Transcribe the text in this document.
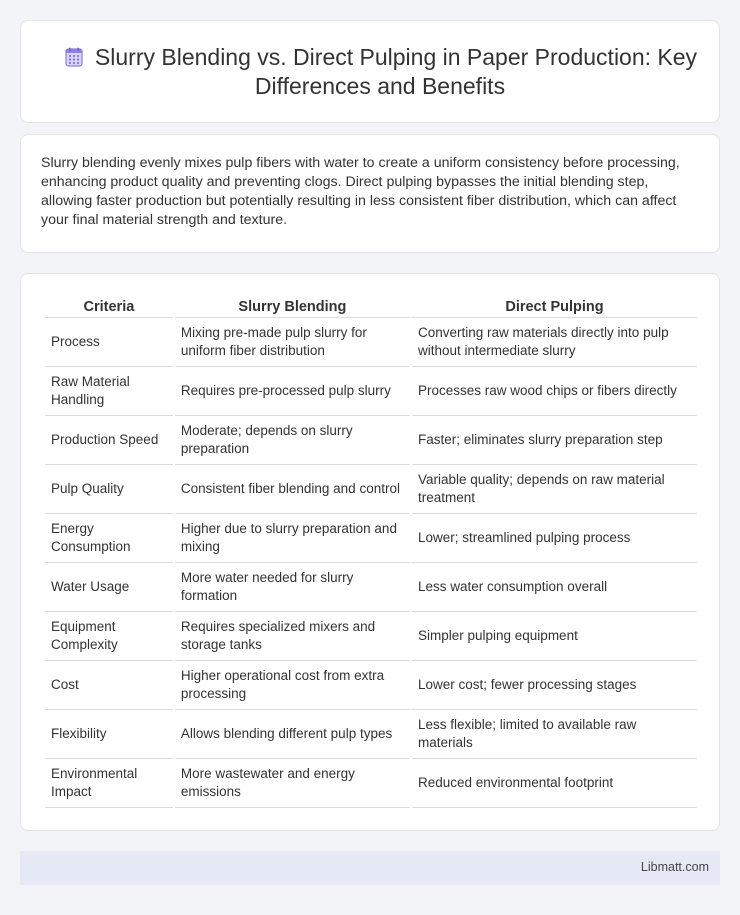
Slurry Blending vs. Direct Pulping in Paper Production: Key Differences and Benefits

Slurry blending evenly mixes pulp fibers with water to create a uniform consistency before processing, enhancing product quality and preventing clogs. Direct pulping bypasses the initial blending step, allowing faster production but potentially resulting in less consistent fiber distribution, which can affect your final material strength and texture.

Criteria	Slurry Blending	Direct Pulping
Process	Mixing pre-made pulp slurry for uniform fiber distribution	Converting raw materials directly into pulp without intermediate slurry
Raw Material Handling	Requires pre-processed pulp slurry	Processes raw wood chips or fibers directly
Production Speed	Moderate; depends on slurry preparation	Faster; eliminates slurry preparation step
Pulp Quality	Consistent fiber blending and control	Variable quality; depends on raw material treatment
Energy Consumption	Higher due to slurry preparation and mixing	Lower; streamlined pulping process
Water Usage	More water needed for slurry formation	Less water consumption overall
Equipment Complexity	Requires specialized mixers and storage tanks	Simpler pulping equipment
Cost	Higher operational cost from extra processing	Lower cost; fewer processing stages
Flexibility	Allows blending different pulp types	Less flexible; limited to available raw materials
Environmental Impact	More wastewater and energy emissions	Reduced environmental footprint
Libmatt.com
